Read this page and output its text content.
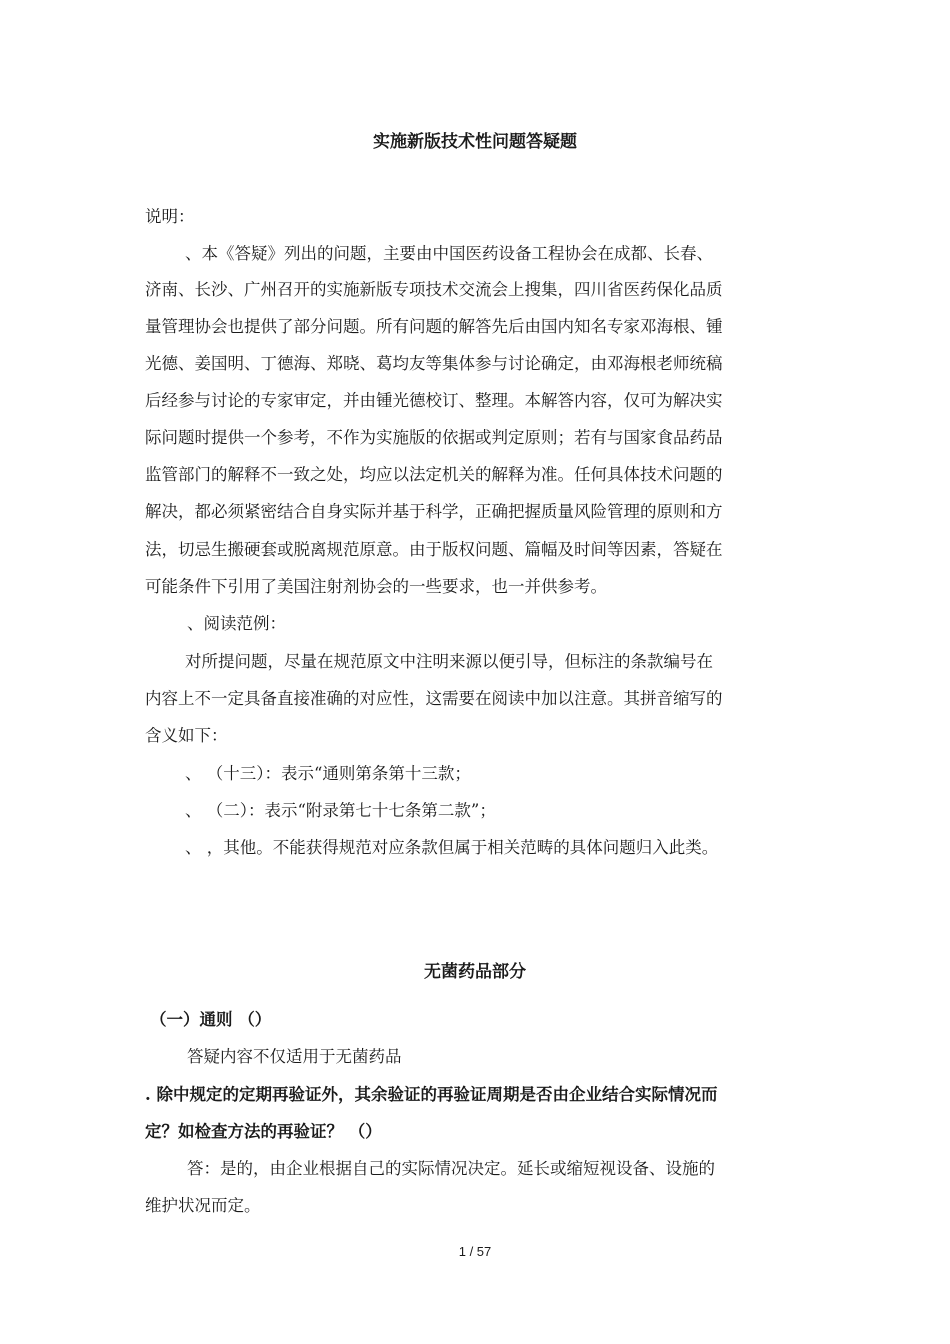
实施新版技术性问题答疑题
说明：
、本《答疑》列出的问题，主要由中国医药设备工程协会在成都、长春、
济南、长沙、广州召开的实施新版专项技术交流会上搜集，四川省医药保化品质
量管理协会也提供了部分问题。所有问题的解答先后由国内知名专家邓海根、锺
光德、姜国明、丁德海、郑晓、葛均友等集体参与讨论确定，由邓海根老师统稿
后经参与讨论的专家审定，并由锺光德校订、整理。本解答内容，仅可为解决实
际问题时提供一个参考，不作为实施版的依据或判定原则；若有与国家食品药品
监管部门的解释不一致之处，均应以法定机关的解释为准。任何具体技术问题的
解决，都必须紧密结合自身实际并基于科学，正确把握质量风险管理的原则和方
法，切忌生搬硬套或脱离规范原意。由于版权问题、篇幅及时间等因素，答疑在
可能条件下引用了美国注射剂协会的一些要求，也一并供参考。
、阅读范例：
对所提问题，尽量在规范原文中注明来源以便引导，但标注的条款编号在
内容上不一定具备直接准确的对应性，这需要在阅读中加以注意。其拼音缩写的
含义如下：
、 （十三）：表示“通则第条第十三款；
、 （二）：表示“附录第七十七条第二款”；
、 ，其他。不能获得规范对应条款但属于相关范畴的具体问题归入此类。
无菌药品部分
（一）通则 （）
答疑内容不仅适用于无菌药品
. 除中规定的定期再验证外，其余验证的再验证周期是否由企业结合实际情况而
定？如检查方法的再验证？ （）
答：是的，由企业根据自己的实际情况决定。延长或缩短视设备、设施的
维护状况而定。
1 / 57
